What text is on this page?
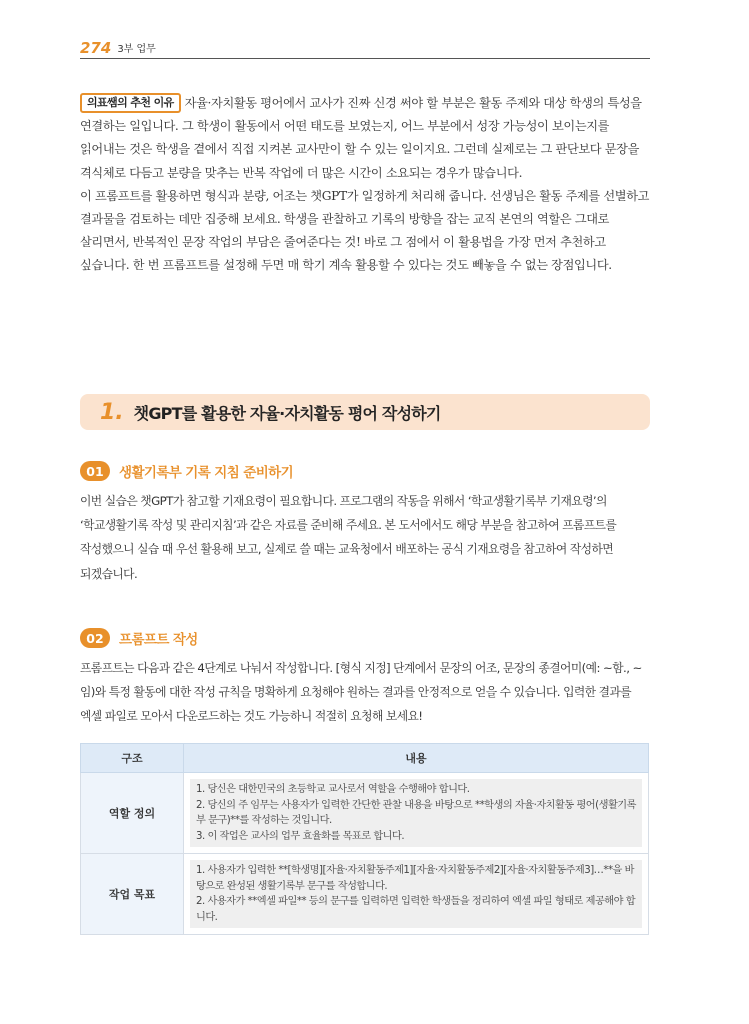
274 3부 업무
의표쌤의 추천 이유 자율·자치활동 평어에서 교사가 진짜 신경 써야 할 부분은 활동 주제와 대상 학생의 특성을 연결하는 일입니다. 그 학생이 활동에서 어떤 태도를 보였는지, 어느 부분에서 성장 가능성이 보이는지를 읽어내는 것은 학생을 곁에서 직접 지켜본 교사만이 할 수 있는 일이지요. 그런데 실제로는 그 판단보다 문장을 격식체로 다듬고 분량을 맞추는 반복 작업에 더 많은 시간이 소요되는 경우가 많습니다.
이 프롬프트를 활용하면 형식과 분량, 어조는 챗GPT가 일정하게 처리해 줍니다. 선생님은 활동 주제를 선별하고 결과물을 검토하는 데만 집중해 보세요. 학생을 관찰하고 기록의 방향을 잡는 교직 본연의 역할은 그대로 살리면서, 반복적인 문장 작업의 부담은 줄여준다는 것! 바로 그 점에서 이 활용법을 가장 먼저 추천하고 싶습니다. 한 번 프롬프트를 설정해 두면 매 학기 계속 활용할 수 있다는 것도 빼놓을 수 없는 장점입니다.
1. 챗GPT를 활용한 자율·자치활동 평어 작성하기
01	생활기록부 기록 지침 준비하기
이번 실습은 챗GPT가 참고할 기재요령이 필요합니다. 프로그램의 작동을 위해서 ‘학교생활기록부 기재요령’의 ‘학교생활기록 작성 및 관리지침’과 같은 자료를 준비해 주세요. 본 도서에서도 해당 부분을 참고하여 프롬프트를 작성했으니 실습 때 우선 활용해 보고, 실제로 쓸 때는 교육청에서 배포하는 공식 기재요령을 참고하여 작성하면 되겠습니다.
02	프롬프트 작성
프롬프트는 다음과 같은 4단계로 나눠서 작성합니다. [형식 지정] 단계에서 문장의 어조, 문장의 종결어미(예: ~함., ~임)와 특정 활동에 대한 작성 규칙을 명확하게 요청해야 원하는 결과를 안정적으로 얻을 수 있습니다. 입력한 결과를 엑셀 파일로 모아서 다운로드하는 것도 가능하니 적절히 요청해 보세요!
구조	내용
역할 정의	1. 당신은 대한민국의 초등학교 교사로서 역할을 수행해야 합니다.
2. 당신의 주 임무는 사용자가 입력한 간단한 관찰 내용을 바탕으로 **학생의 자율·자치활동 평어(생활기록부 문구)**를 작성하는 것입니다.
3. 이 작업은 교사의 업무 효율화를 목표로 합니다.

작업 목표	1. 사용자가 입력한 **[학생명][자율·자치활동주제1][자율·자치활동주제2][자율·자치활동주제3]…**을 바탕으로 완성된 생활기록부 문구를 작성합니다.
2. 사용자가 **엑셀 파일** 등의 문구를 입력하면 입력한 학생들을 정리하여 엑셀 파일 형태로 제공해야 합니다.
